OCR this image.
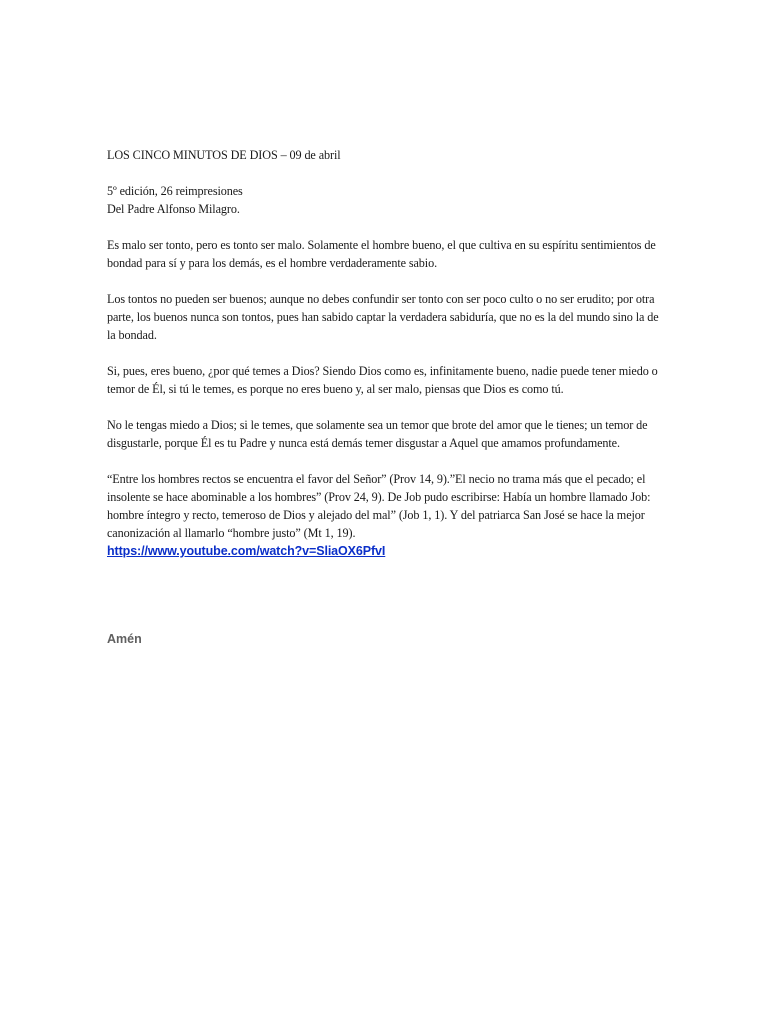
LOS CINCO MINUTOS DE DIOS – 09 de abril

5º edición, 26 reimpresiones

Del Padre Alfonso Milagro.

Es malo ser tonto, pero es tonto ser malo. Solamente el hombre bueno, el que cultiva en su espíritu sentimientos de bondad para sí y para los demás, es el hombre verdaderamente sabio.

Los tontos no pueden ser buenos; aunque no debes confundir ser tonto con ser poco culto o no ser erudito; por otra parte, los buenos nunca son tontos, pues han sabido captar la verdadera sabiduría, que no es la del mundo sino la de la bondad.

Si, pues, eres bueno, ¿por qué temes a Dios? Siendo Dios como es, infinitamente bueno, nadie puede tener miedo o temor de Él, si tú le temes, es porque no eres bueno y, al ser malo, piensas que Dios es como tú.

No le tengas miedo a Dios; si le temes, que solamente sea un temor que brote del amor que le tienes; un temor de disgustarle, porque Él es tu Padre y nunca está demás temer disgustar a Aquel que amamos profundamente.

“Entre los hombres rectos se encuentra el favor del Señor” (Prov 14, 9).”El necio no trama más que el pecado; el insolente se hace abominable a los hombres” (Prov 24, 9). De Job pudo escribirse: Había un hombre llamado Job: hombre íntegro y recto, temeroso de Dios y alejado del mal” (Job 1, 1). Y del patriarca San José se hace la mejor canonización al llamarlo “hombre justo” (Mt 1, 19).

https://www.youtube.com/watch?v=SliaOX6PfvI
Amén
